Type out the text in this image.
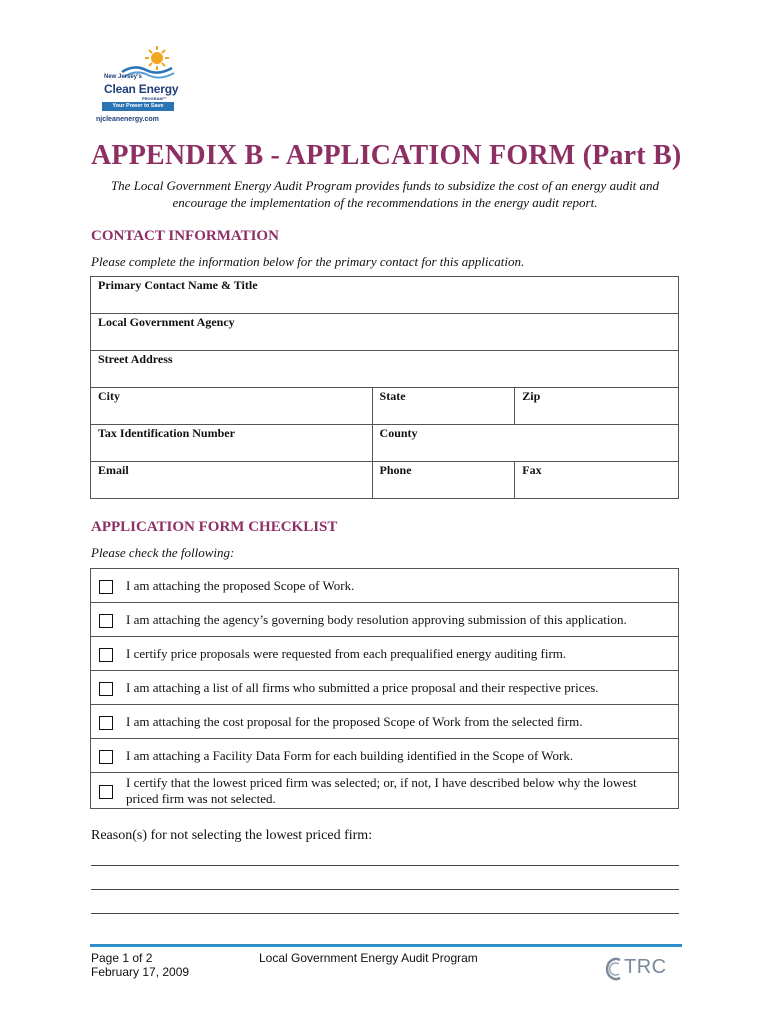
New Jersey's
Clean Energy
PROGRAM™
Your Power to Save
njcleanenergy.com
APPENDIX B - APPLICATION FORM (Part B)
The Local Government Energy Audit Program provides funds to subsidize the cost of an energy audit and
encourage the implementation of the recommendations in the energy audit report.
CONTACT INFORMATION
Please complete the information below for the primary contact for this application.
Primary Contact Name & Title		
Local Government Agency		
Street Address		
City	State	Zip
Tax Identification Number	County	
Email	Phone	Fax
APPLICATION FORM CHECKLIST
Please check the following:
	I am attaching the proposed Scope of Work.
	I am attaching the agency’s governing body resolution approving submission of this application.
	I certify price proposals were requested from each prequalified energy auditing firm.
	I am attaching a list of all firms who submitted a price proposal and their respective prices.
	I am attaching the cost proposal for the proposed Scope of Work from the selected firm.
	I am attaching a Facility Data Form for each building identified in the Scope of Work.
	I certify that the lowest priced firm was selected; or, if not, I have described below why the lowest priced firm was not selected.
Reason(s) for not selecting the lowest priced firm:
Page 1 of 2
February 17, 2009
Local Government Energy Audit Program	TRC
